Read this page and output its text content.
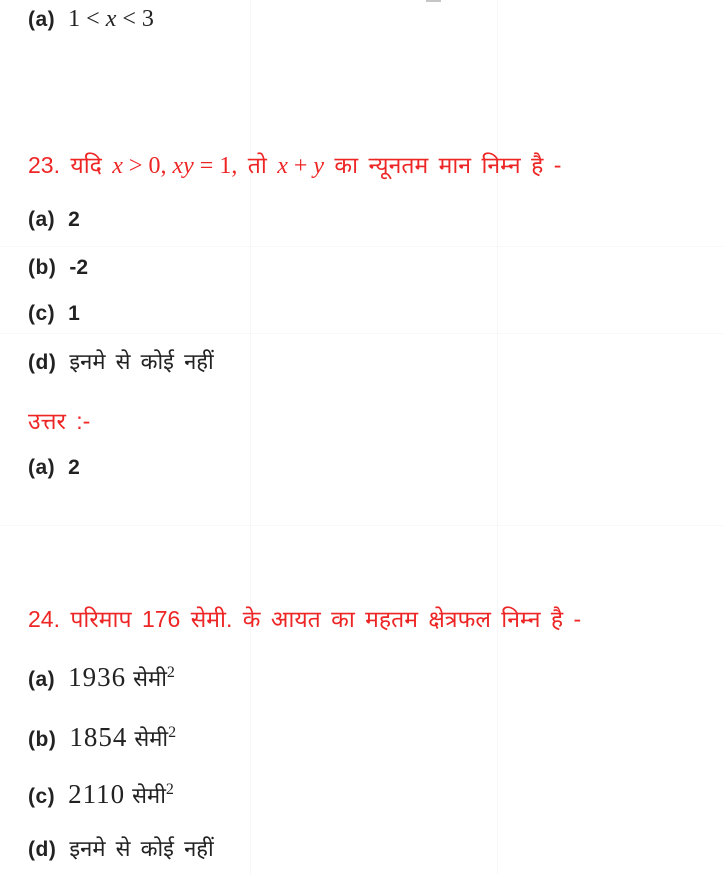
(a) 1 < x < 3
23. यदि x > 0, xy = 1, तो x + y का न्यूनतम मान निम्न है -
(a) 2
(b) -2
(c) 1
(d) इनमे से कोई नहीं
उत्तर :-
(a) 2
24. परिमाप 176 सेमी. के आयत का महतम क्षेत्रफल निम्न है -
(a) 1936 सेमी2
(b) 1854 सेमी2
(c) 2110 सेमी2
(d) इनमे से कोई नहीं
